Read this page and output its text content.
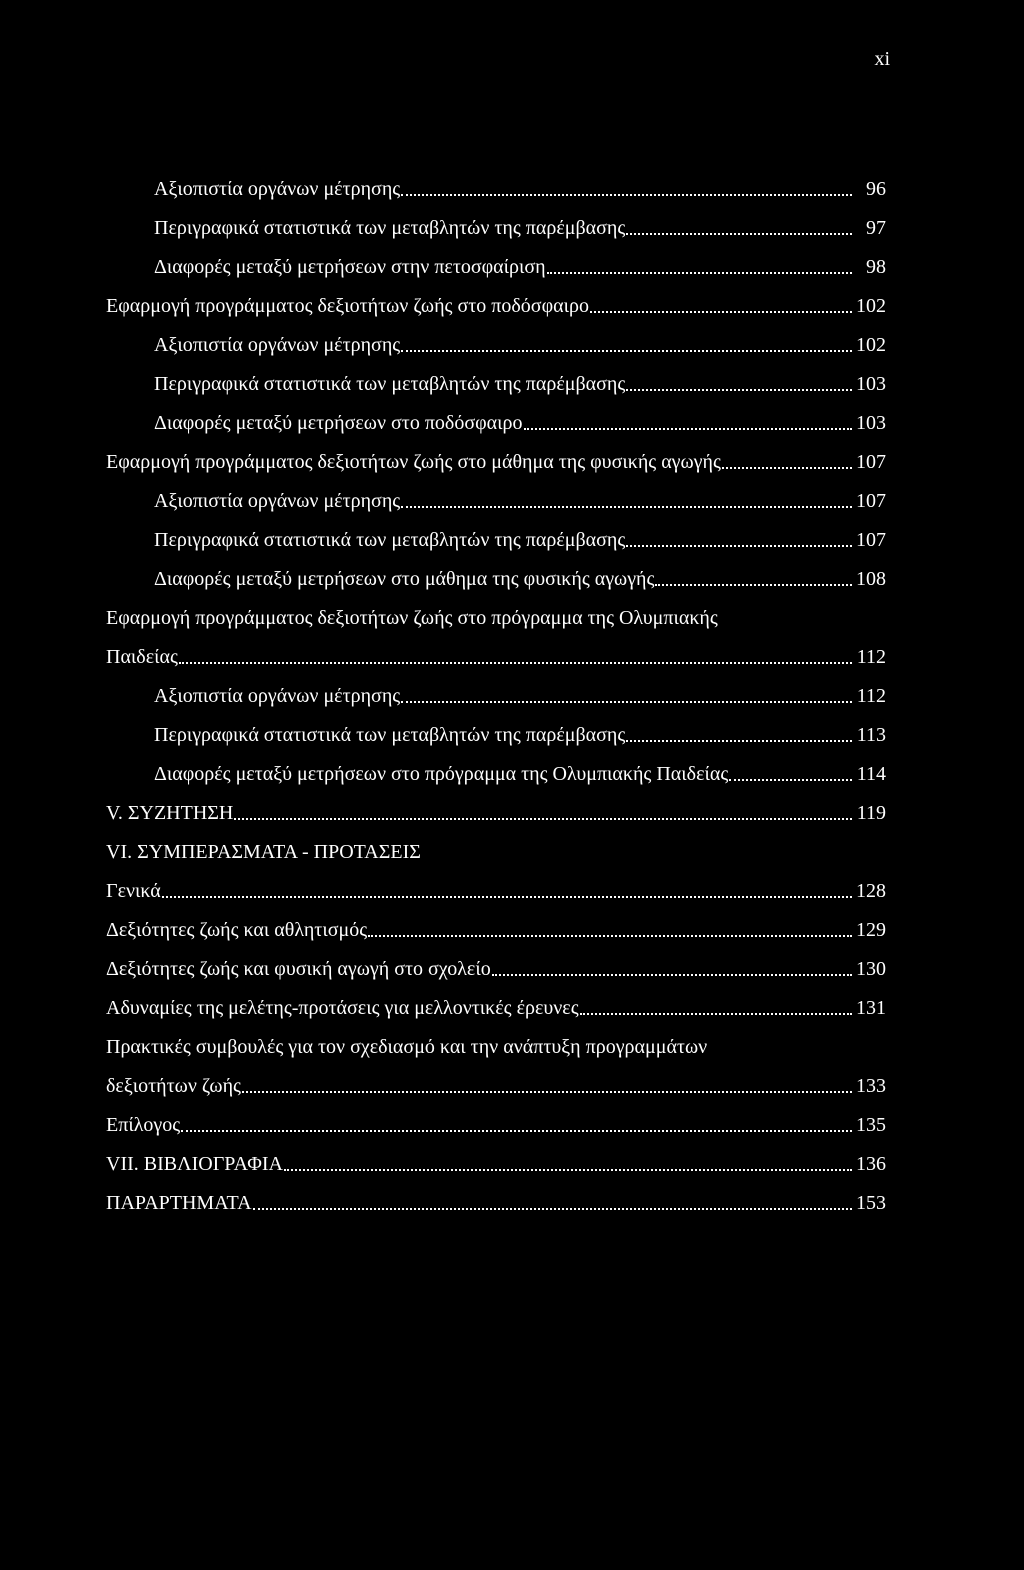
xi
Αξιοπιστία οργάνων μέτρησης	96
Περιγραφικά στατιστικά των μεταβλητών της παρέμβασης	97
Διαφορές μεταξύ μετρήσεων στην πετοσφαίριση	98
Εφαρμογή προγράμματος δεξιοτήτων ζωής στο ποδόσφαιρο	102
Αξιοπιστία οργάνων μέτρησης	102
Περιγραφικά στατιστικά των μεταβλητών της παρέμβασης	103
Διαφορές μεταξύ μετρήσεων στο ποδόσφαιρο	103
Εφαρμογή προγράμματος δεξιοτήτων ζωής στο μάθημα της φυσικής αγωγής	107
Αξιοπιστία οργάνων μέτρησης	107
Περιγραφικά στατιστικά των μεταβλητών της παρέμβασης	107
Διαφορές μεταξύ μετρήσεων στο μάθημα της φυσικής αγωγής	108
Εφαρμογή προγράμματος δεξιοτήτων ζωής στο πρόγραμμα της Ολυμπιακής
Παιδείας	112
Αξιοπιστία οργάνων μέτρησης	112
Περιγραφικά στατιστικά των μεταβλητών της παρέμβασης	113
Διαφορές μεταξύ μετρήσεων στο πρόγραμμα της Ολυμπιακής Παιδείας	114
V. ΣΥΖΗΤΗΣΗ	119
VI. ΣΥΜΠΕΡΑΣΜΑΤΑ - ΠΡΟΤΑΣΕΙΣ
Γενικά	128
Δεξιότητες ζωής και αθλητισμός	129
Δεξιότητες ζωής και φυσική αγωγή στο σχολείο	130
Αδυναμίες της μελέτης-προτάσεις για μελλοντικές έρευνες	131
Πρακτικές συμβουλές για τον σχεδιασμό και την ανάπτυξη προγραμμάτων
δεξιοτήτων ζωής	133
Επίλογος	135
VII. ΒΙΒΛΙΟΓΡΑΦΙΑ	136
ΠΑΡΑΡΤΗΜΑΤΑ	153
